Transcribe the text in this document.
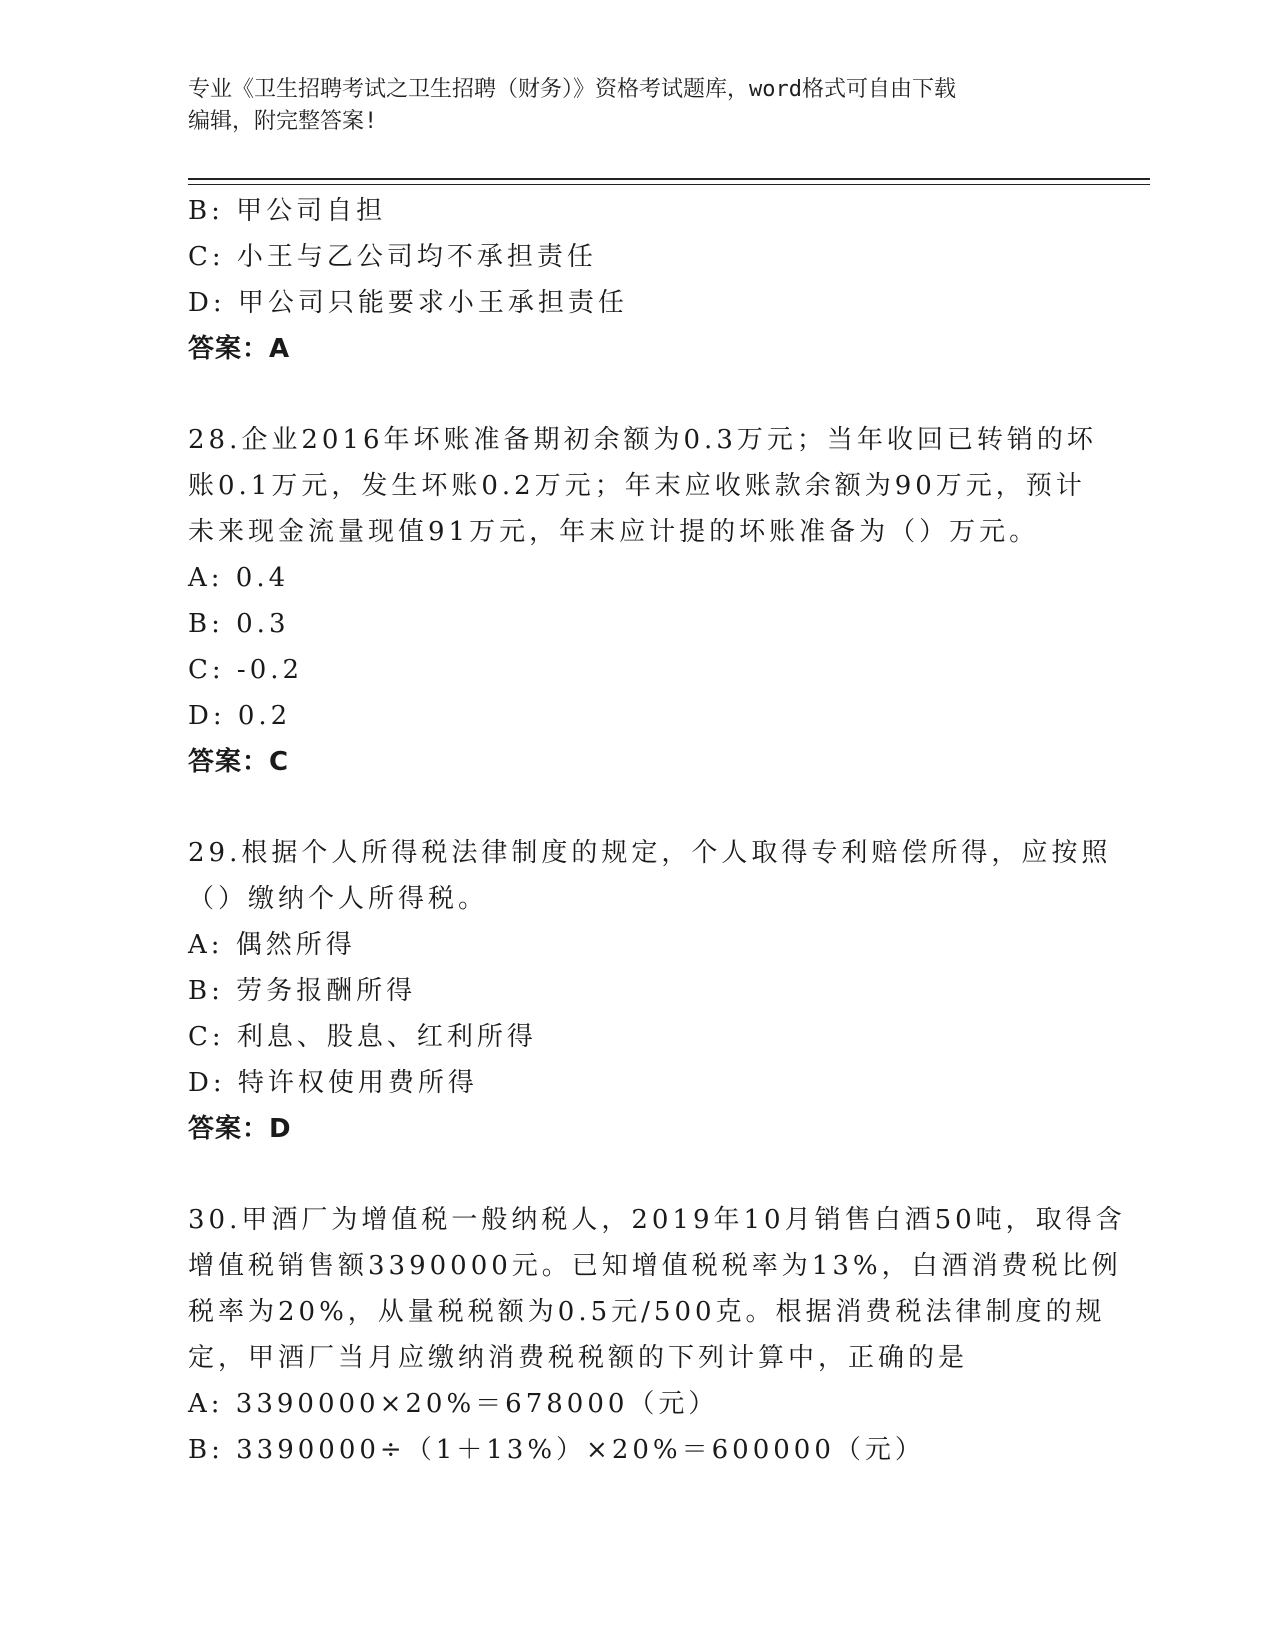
专业《卫生招聘考试之卫生招聘（财务）》资格考试题库，word格式可自由下载
编辑，附完整答案!
B: 甲公司自担
C: 小王与乙公司均不承担责任
D: 甲公司只能要求小王承担责任
答案：A
28.企业2016年坏账准备期初余额为0.3万元；当年收回已转销的坏
账0.1万元，发生坏账0.2万元；年末应收账款余额为90万元，预计
未来现金流量现值91万元，年末应计提的坏账准备为（）万元。
A: 0.4
B: 0.3
C: -0.2
D: 0.2
答案：C
29.根据个人所得税法律制度的规定，个人取得专利赔偿所得，应按照
（）缴纳个人所得税。
A: 偶然所得
B: 劳务报酬所得
C: 利息、股息、红利所得
D: 特许权使用费所得
答案：D
30.甲酒厂为增值税一般纳税人，2019年10月销售白酒50吨，取得含
增值税销售额3390000元。已知增值税税率为13%，白酒消费税比例
税率为20%，从量税税额为0.5元/500克。根据消费税法律制度的规
定，甲酒厂当月应缴纳消费税税额的下列计算中，正确的是
A: 3390000×20%＝678000（元）
B: 3390000÷（1＋13%）×20%＝600000（元）
